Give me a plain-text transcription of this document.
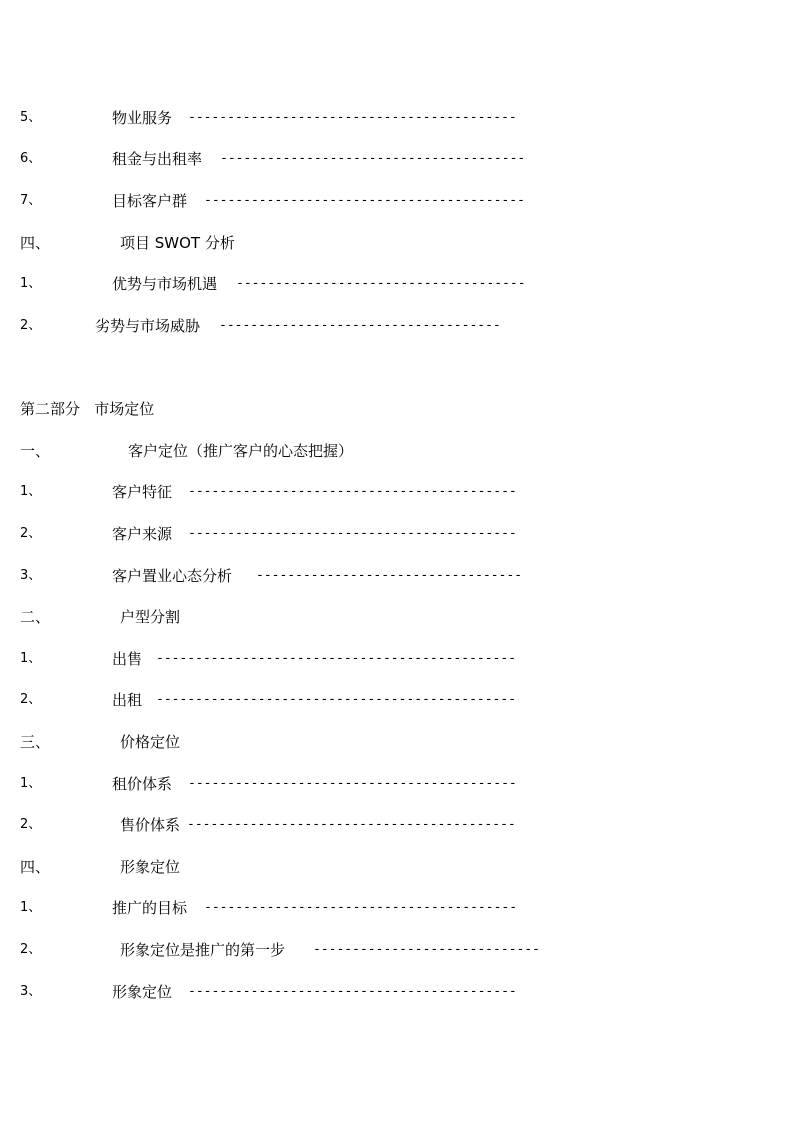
5、	物业服务 ------------------------------------------
6、	租金与出租率 ---------------------------------------
7、	目标客户群 -----------------------------------------
四、	项目 SWOT 分析
1、	优势与市场机遇 -------------------------------------
2、	劣势与市场威胁 ------------------------------------
第二部分   市场定位
一、	客户定位（推广客户的心态把握）
1、	客户特征 ------------------------------------------
2、	客户来源 ------------------------------------------
3、	客户置业心态分析 ----------------------------------
二、	户型分割
1、	出售 ----------------------------------------------
2、	出租 ----------------------------------------------
三、	价格定位
1、	租价体系 ------------------------------------------
2、	售价体系 ------------------------------------------
四、	形象定位
1、	推广的目标 ----------------------------------------
2、	形象定位是推广的第一步 -----------------------------
3、	形象定位 ------------------------------------------
